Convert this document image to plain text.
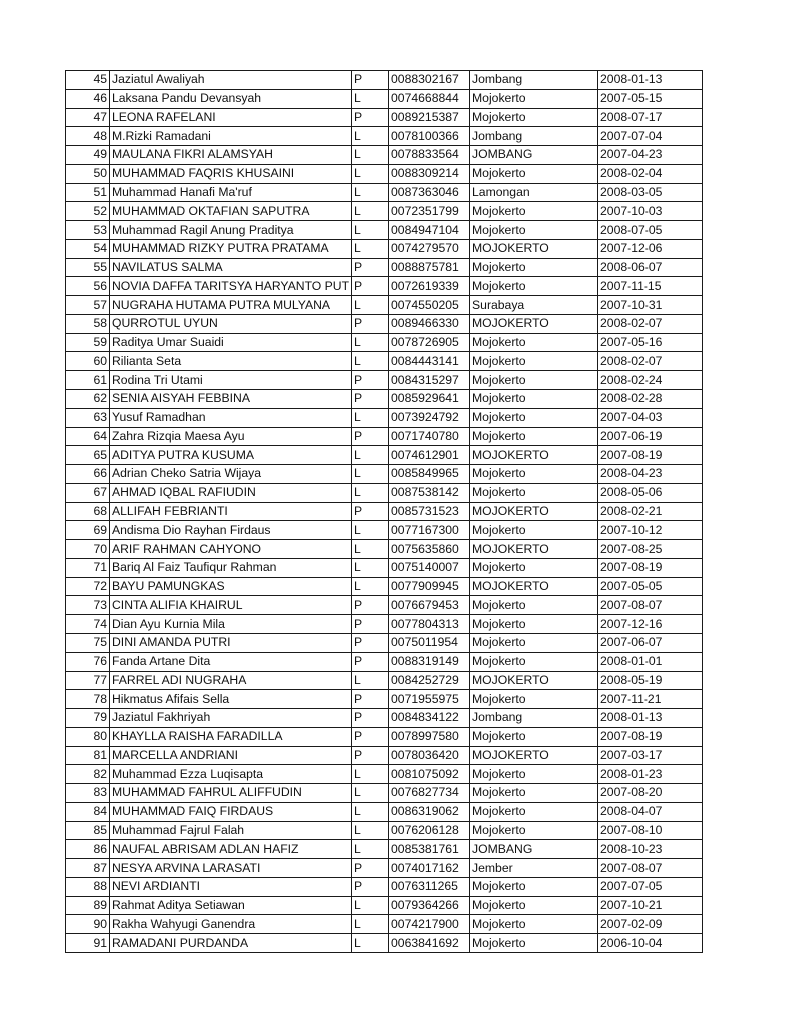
45	Jaziatul Awaliyah	P	0088302167	Jombang	2008-01-13
46	Laksana Pandu Devansyah	L	0074668844	Mojokerto	2007-05-15
47	LEONA RAFELANI	P	0089215387	Mojokerto	2008-07-17
48	M.Rizki Ramadani	L	0078100366	Jombang	2007-07-04
49	MAULANA FIKRI ALAMSYAH	L	0078833564	JOMBANG	2007-04-23
50	MUHAMMAD FAQRIS KHUSAINI	L	0088309214	Mojokerto	2008-02-04
51	Muhammad Hanafi Ma'ruf	L	0087363046	Lamongan	2008-03-05
52	MUHAMMAD OKTAFIAN SAPUTRA	L	0072351799	Mojokerto	2007-10-03
53	Muhammad Ragil Anung Praditya	L	0084947104	Mojokerto	2008-07-05
54	MUHAMMAD RIZKY PUTRA PRATAMA	L	0074279570	MOJOKERTO	2007-12-06
55	NAVILATUS SALMA	P	0088875781	Mojokerto	2008-06-07
56	NOVIA DAFFA TARITSYA HARYANTO PUT	P	0072619339	Mojokerto	2007-11-15
57	NUGRAHA HUTAMA PUTRA MULYANA	L	0074550205	Surabaya	2007-10-31
58	QURROTUL UYUN	P	0089466330	MOJOKERTO	2008-02-07
59	Raditya Umar Suaidi	L	0078726905	Mojokerto	2007-05-16
60	Rilianta Seta	L	0084443141	Mojokerto	2008-02-07
61	Rodina Tri Utami	P	0084315297	Mojokerto	2008-02-24
62	SENIA AISYAH FEBBINA	P	0085929641	Mojokerto	2008-02-28
63	Yusuf Ramadhan	L	0073924792	Mojokerto	2007-04-03
64	Zahra Rizqia Maesa Ayu	P	0071740780	Mojokerto	2007-06-19
65	ADITYA PUTRA KUSUMA	L	0074612901	MOJOKERTO	2007-08-19
66	Adrian Cheko Satria Wijaya	L	0085849965	Mojokerto	2008-04-23
67	AHMAD IQBAL RAFIUDIN	L	0087538142	Mojokerto	2008-05-06
68	ALLIFAH FEBRIANTI	P	0085731523	MOJOKERTO	2008-02-21
69	Andisma Dio Rayhan Firdaus	L	0077167300	Mojokerto	2007-10-12
70	ARIF RAHMAN CAHYONO	L	0075635860	MOJOKERTO	2007-08-25
71	Bariq Al Faiz Taufiqur Rahman	L	0075140007	Mojokerto	2007-08-19
72	BAYU PAMUNGKAS	L	0077909945	MOJOKERTO	2007-05-05
73	CINTA ALIFIA KHAIRUL	P	0076679453	Mojokerto	2007-08-07
74	Dian Ayu Kurnia Mila	P	0077804313	Mojokerto	2007-12-16
75	DINI AMANDA PUTRI	P	0075011954	Mojokerto	2007-06-07
76	Fanda Artane Dita	P	0088319149	Mojokerto	2008-01-01
77	FARREL ADI NUGRAHA	L	0084252729	MOJOKERTO	2008-05-19
78	Hikmatus Afifais Sella	P	0071955975	Mojokerto	2007-11-21
79	Jaziatul Fakhriyah	P	0084834122	Jombang	2008-01-13
80	KHAYLLA RAISHA FARADILLA	P	0078997580	Mojokerto	2007-08-19
81	MARCELLA ANDRIANI	P	0078036420	MOJOKERTO	2007-03-17
82	Muhammad Ezza Luqisapta	L	0081075092	Mojokerto	2008-01-23
83	MUHAMMAD FAHRUL ALIFFUDIN	L	0076827734	Mojokerto	2007-08-20
84	MUHAMMAD FAIQ FIRDAUS	L	0086319062	Mojokerto	2008-04-07
85	Muhammad Fajrul Falah	L	0076206128	Mojokerto	2007-08-10
86	NAUFAL ABRISAM ADLAN HAFIZ	L	0085381761	JOMBANG	2008-10-23
87	NESYA ARVINA LARASATI	P	0074017162	Jember	2007-08-07
88	NEVI ARDIANTI	P	0076311265	Mojokerto	2007-07-05
89	Rahmat Aditya Setiawan	L	0079364266	Mojokerto	2007-10-21
90	Rakha Wahyugi Ganendra	L	0074217900	Mojokerto	2007-02-09
91	RAMADANI PURDANDA	L	0063841692	Mojokerto	2006-10-04
